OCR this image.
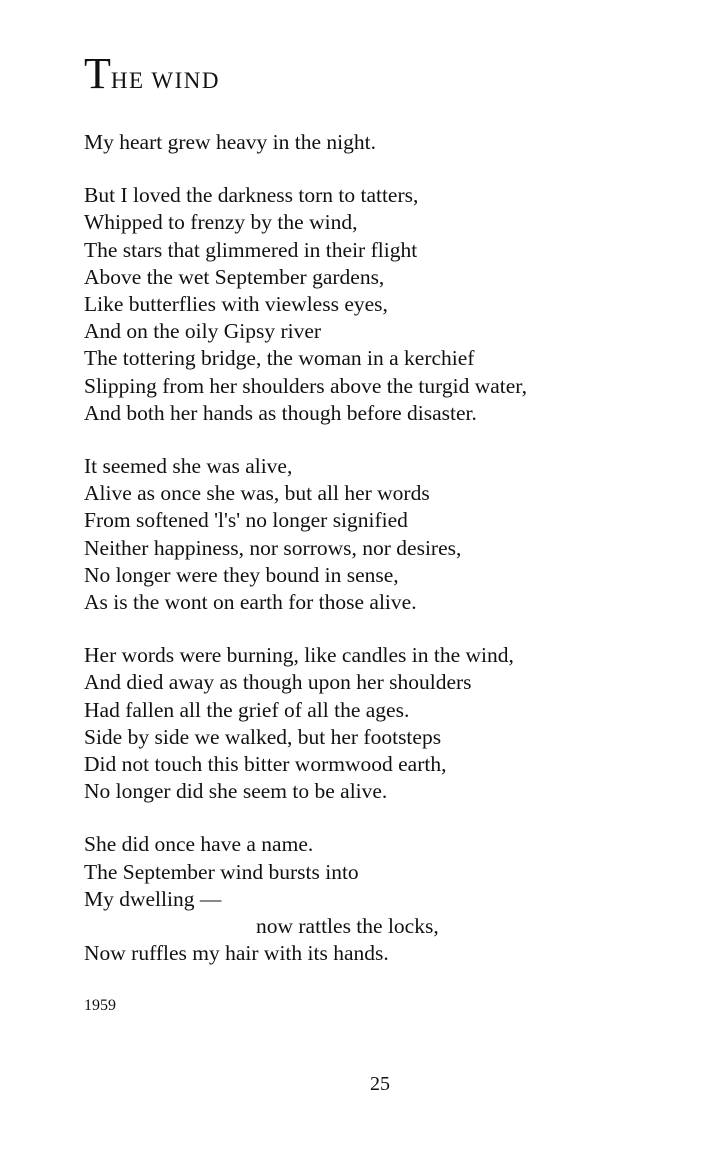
THE WIND
My heart grew heavy in the night.
But I loved the darkness torn to tatters,
Whipped to frenzy by the wind,
The stars that glimmered in their flight
Above the wet September gardens,
Like butterflies with viewless eyes,
And on the oily Gipsy river
The tottering bridge, the woman in a kerchief
Slipping from her shoulders above the turgid water,
And both her hands as though before disaster.
It seemed she was alive,
Alive as once she was, but all her words
From softened 'l's' no longer signified
Neither happiness, nor sorrows, nor desires,
No longer were they bound in sense,
As is the wont on earth for those alive.
Her words were burning, like candles in the wind,
And died away as though upon her shoulders
Had fallen all the grief of all the ages.
Side by side we walked, but her footsteps
Did not touch this bitter wormwood earth,
No longer did she seem to be alive.
She did once have a name.
The September wind bursts into
My dwelling —
now rattles the locks,
Now ruffles my hair with its hands.
1959
25
